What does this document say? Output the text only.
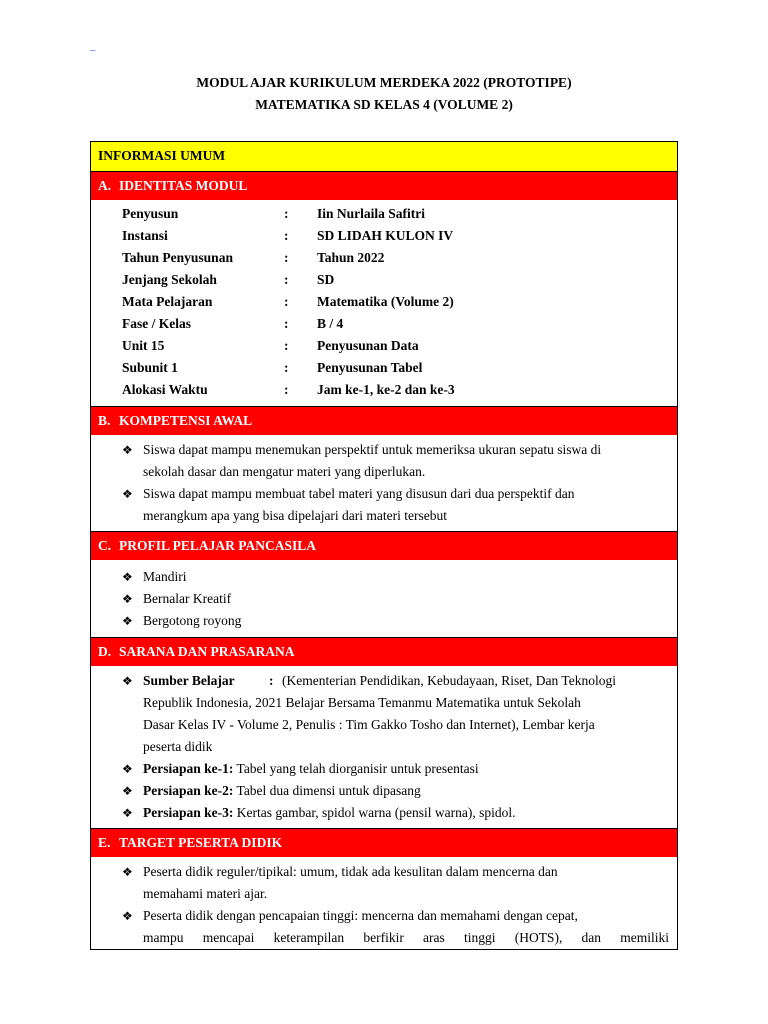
_
MODUL AJAR KURIKULUM MERDEKA 2022 (PROTOTIPE)
MATEMATIKA SD KELAS 4 (VOLUME 2)
INFORMASI UMUM
A. IDENTITAS MODUL
Penyusun	:	Iin Nurlaila Safitri
Instansi	:	SD LIDAH KULON IV
Tahun Penyusunan	:	Tahun 2022
Jenjang Sekolah	:	SD
Mata Pelajaran	:	Matematika (Volume 2)
Fase / Kelas	:	B / 4
Unit 15	:	Penyusunan Data
Subunit 1	:	Penyusunan Tabel
Alokasi Waktu	:	Jam ke-1, ke-2 dan ke-3
B. KOMPETENSI AWAL
❖ Siswa dapat mampu menemukan perspektif untuk memeriksa ukuran sepatu siswa di
sekolah dasar dan mengatur materi yang diperlukan.
❖ Siswa dapat mampu membuat tabel materi yang disusun dari dua perspektif dan
merangkum apa yang bisa dipelajari dari materi tersebut
C. PROFIL PELAJAR PANCASILA
❖ Mandiri
❖ Bernalar Kreatif
❖ Bergotong royong
D. SARANA DAN PRASARANA
❖ Sumber Belajar	: (Kementerian Pendidikan, Kebudayaan, Riset, Dan Teknologi
Republik Indonesia, 2021 Belajar Bersama Temanmu Matematika untuk Sekolah
Dasar Kelas IV - Volume 2, Penulis : Tim Gakko Tosho dan Internet), Lembar kerja
peserta didik
❖ Persiapan ke-1: Tabel yang telah diorganisir untuk presentasi
❖ Persiapan ke-2: Tabel dua dimensi untuk dipasang
❖ Persiapan ke-3: Kertas gambar, spidol warna (pensil warna), spidol.
E. TARGET PESERTA DIDIK
❖ Peserta didik reguler/tipikal: umum, tidak ada kesulitan dalam mencerna dan
memahami materi ajar.
❖ Peserta didik dengan pencapaian tinggi: mencerna dan memahami dengan cepat,
mampu mencapai keterampilan berfikir aras tinggi (HOTS), dan memiliki
